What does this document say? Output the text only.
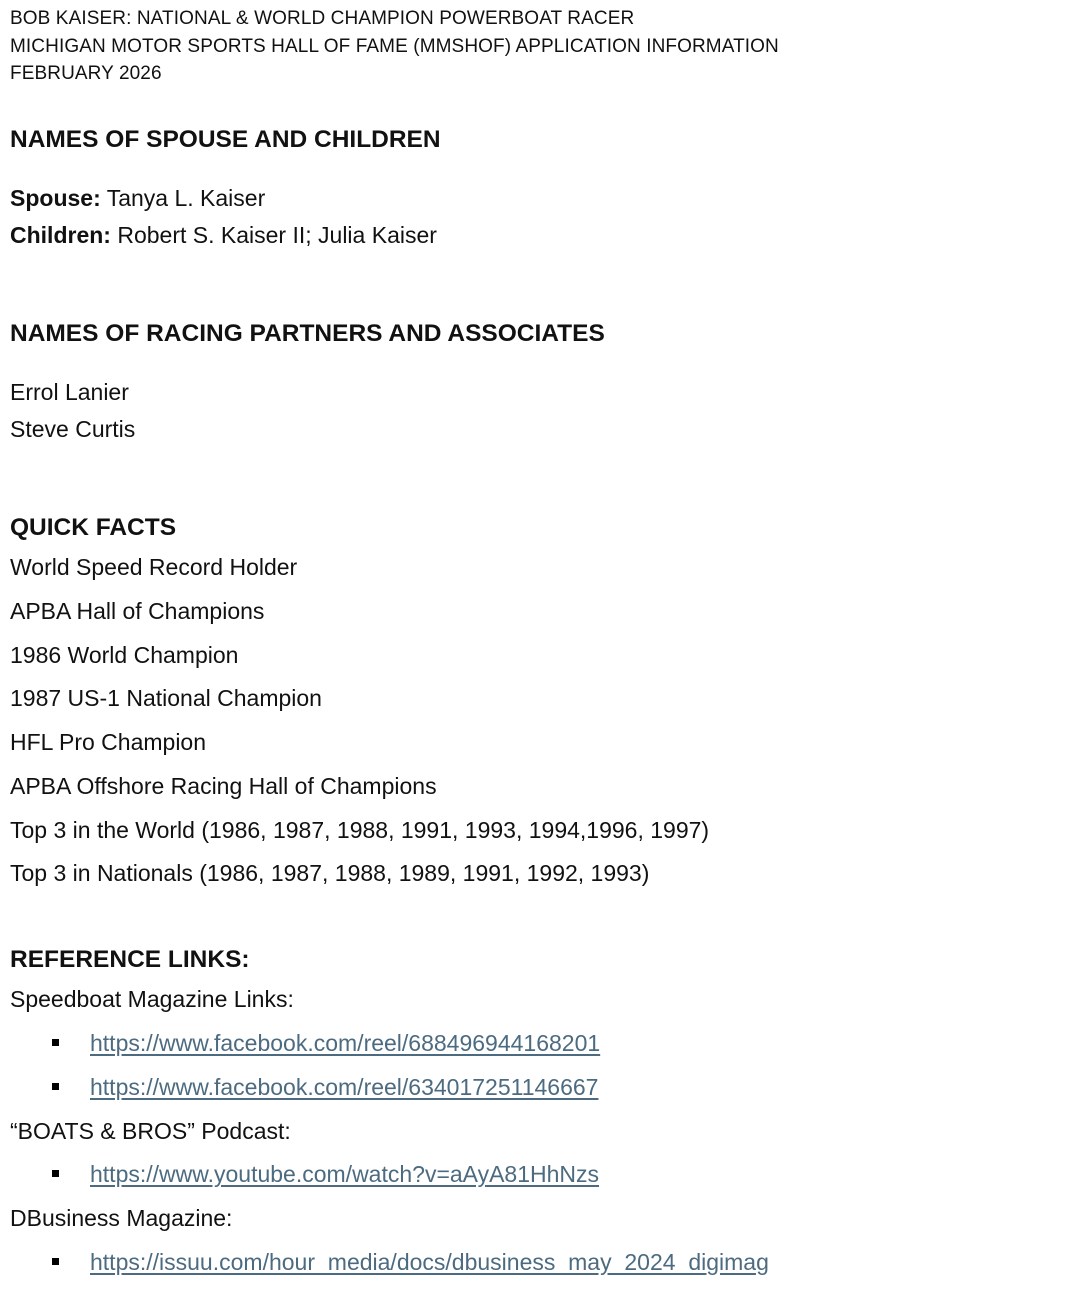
BOB KAISER: NATIONAL & WORLD CHAMPION POWERBOAT RACER
MICHIGAN MOTOR SPORTS HALL OF FAME (MMSHOF) APPLICATION INFORMATION
FEBRUARY 2026
NAMES OF SPOUSE AND CHILDREN
Spouse: Tanya L. Kaiser
Children: Robert S. Kaiser II; Julia Kaiser
NAMES OF RACING PARTNERS AND ASSOCIATES
Errol Lanier
Steve Curtis
QUICK FACTS
World Speed Record Holder
APBA Hall of Champions
1986 World Champion
1987 US-1 National Champion
HFL Pro Champion
APBA Offshore Racing Hall of Champions
Top 3 in the World (1986, 1987, 1988, 1991, 1993, 1994,1996, 1997)
Top 3 in Nationals (1986, 1987, 1988, 1989, 1991, 1992, 1993)
REFERENCE LINKS:
Speedboat Magazine Links:
https://www.facebook.com/reel/688496944168201
https://www.facebook.com/reel/634017251146667
“BOATS & BROS” Podcast:
https://www.youtube.com/watch?v=aAyA81HhNzs
DBusiness Magazine:
https://issuu.com/hour_media/docs/dbusiness_may_2024_digimag
